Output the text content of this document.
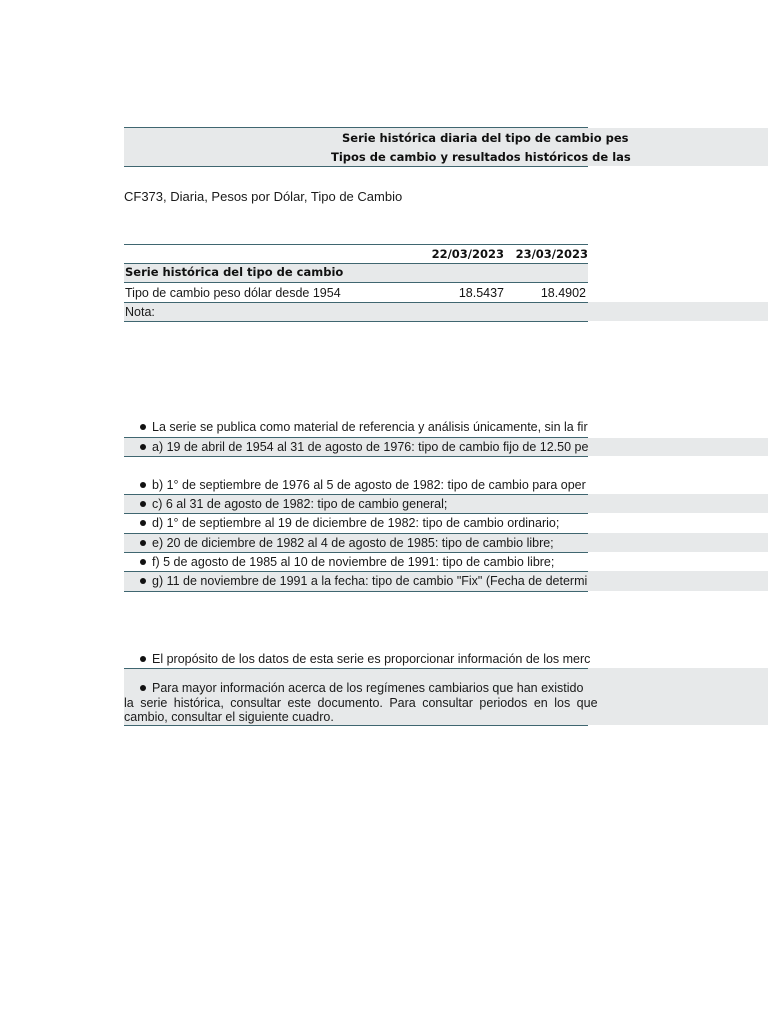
Serie histórica diaria del tipo de cambio pes
Tipos de cambio y resultados históricos de las
CF373, Diaria, Pesos por Dólar, Tipo de Cambio
22/03/2023	23/03/2023
Serie histórica del tipo de cambio
Tipo de cambio peso dólar desde 1954	18.5437	18.4902
Nota:
La serie se publica como material de referencia y análisis únicamente, sin la fir
a) 19 de abril de 1954 al 31 de agosto de 1976: tipo de cambio fijo de 12.50 pe
b) 1° de septiembre de 1976 al 5 de agosto de 1982: tipo de cambio para oper
c) 6 al 31 de agosto de 1982: tipo de cambio general;
d) 1° de septiembre al 19 de diciembre de 1982: tipo de cambio ordinario;
e) 20 de diciembre de 1982 al 4 de agosto de 1985: tipo de cambio libre;
f) 5 de agosto de 1985 al 10 de noviembre de 1991: tipo de cambio libre;
g) 11 de noviembre de 1991 a la fecha: tipo de cambio "Fix" (Fecha de determi
El propósito de los datos de esta serie es proporcionar información de los merc
Para mayor información acerca de los regímenes cambiarios que han existido
la serie histórica, consultar este documento. Para consultar periodos en los que
cambio, consultar el siguiente cuadro.
